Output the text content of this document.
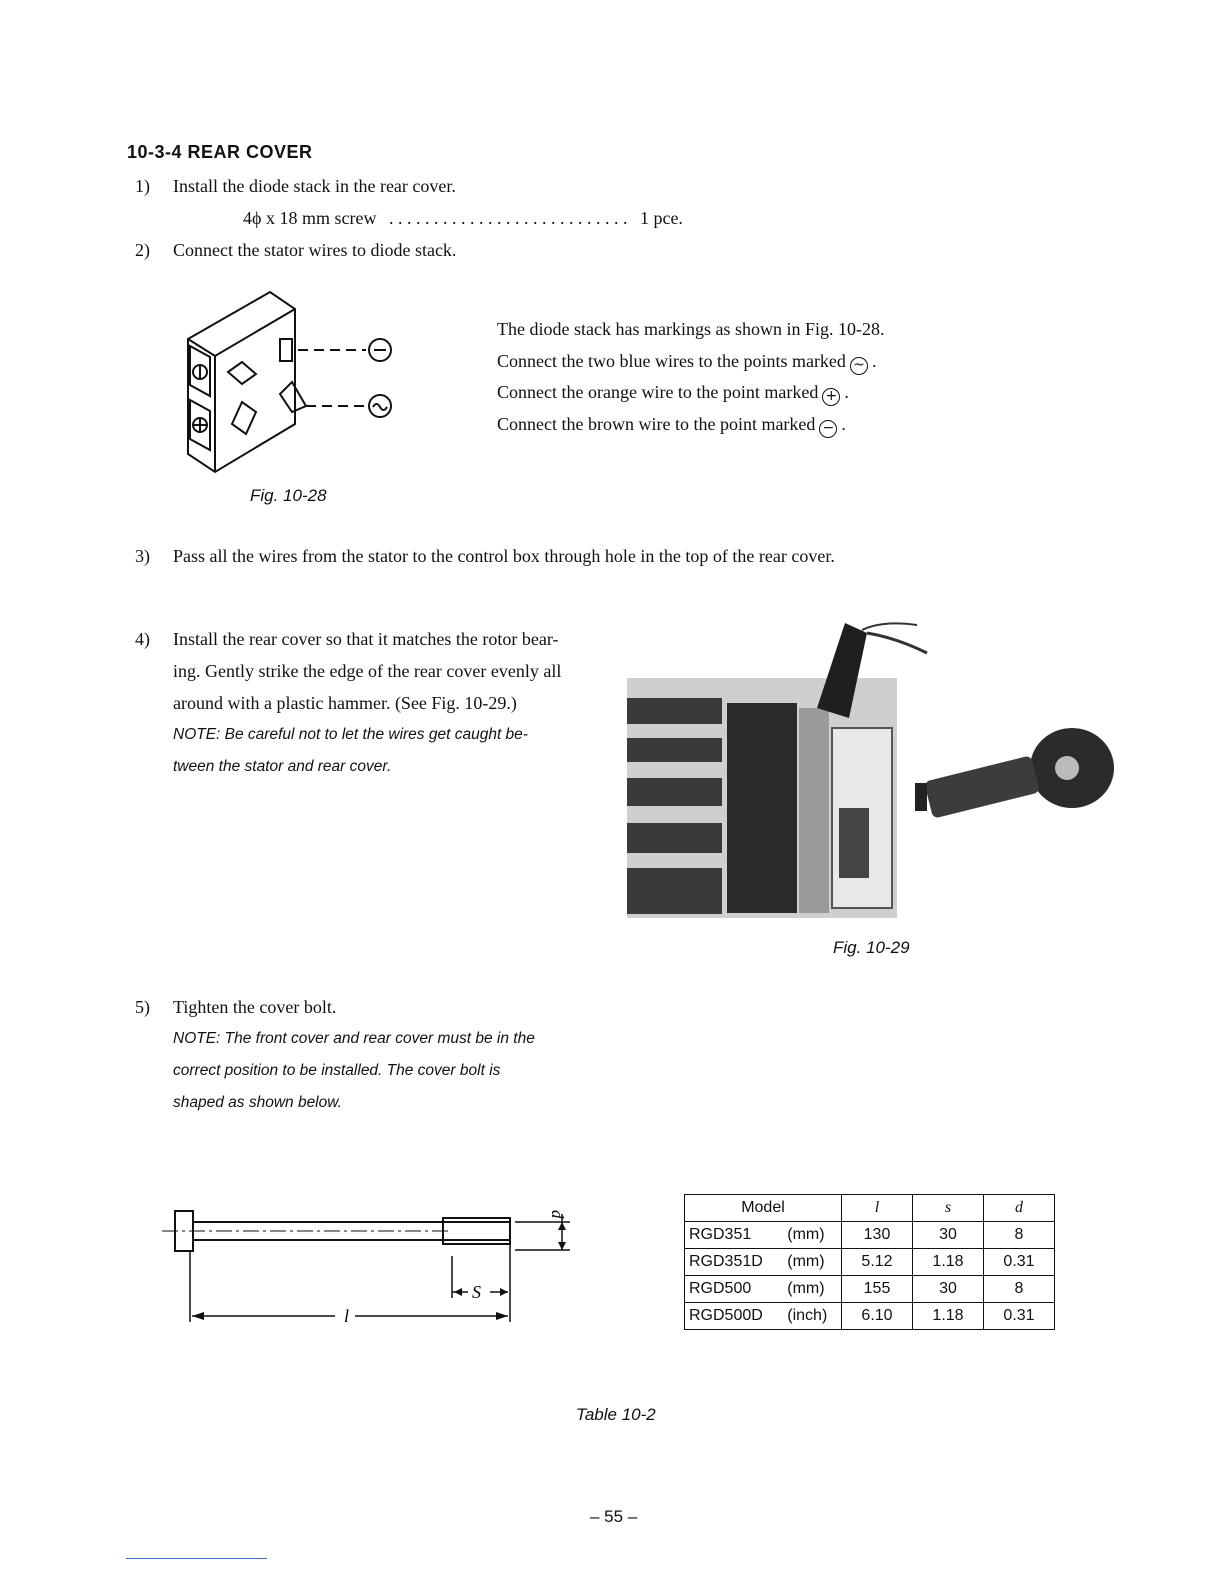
10-3-4 REAR COVER
1) Install the diode stack in the rear cover.
4ϕ x 18 mm screw . . . . . . . . . . . . . . . . . . . . . . . . . . . 1 pce.
2) Connect the stator wires to diode stack.
Fig. 10-28
The diode stack has markings as shown in Fig. 10-28.
Connect the two blue wires to the points marked ~ .
Connect the orange wire to the point marked + .
Connect the brown wire to the point marked − .
3) Pass all the wires from the stator to the control box through hole in the top of the rear cover.
4) Install the rear cover so that it matches the rotor bear-
ing. Gently strike the edge of the rear cover evenly all
around with a plastic hammer. (See Fig. 10-29.)
NOTE: Be careful not to let the wires get caught be-
tween the stator and rear cover.
Fig. 10-29
5) Tighten the cover bolt.
NOTE: The front cover and rear cover must be in the
correct position to be installed. The cover bolt is
shaped as shown below.
l
S
d	Model		l	s	d
RGD351	(mm)	130	30	8
RGD351D	(mm)	5.12	1.18	0.31
RGD500	(mm)	155	30	8
RGD500D	(inch)	6.10	1.18	0.31
Table 10-2
– 55 –
